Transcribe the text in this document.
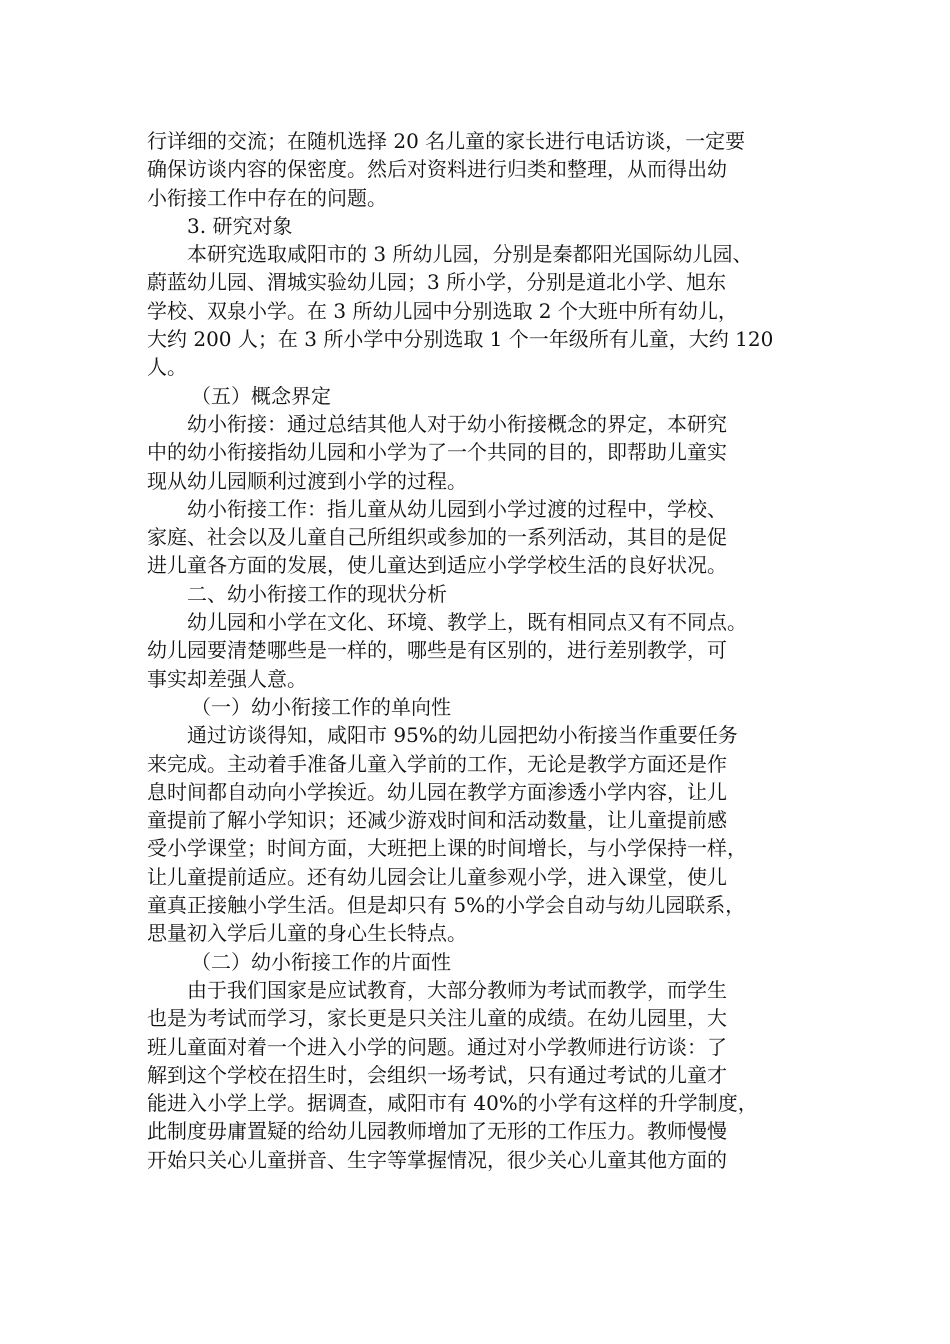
行详细的交流；在随机选择 20 名儿童的家长进行电话访谈，一定要
确保访谈内容的保密度。然后对资料进行归类和整理，从而得出幼
小衔接工作中存在的问题。
3. 研究对象
本研究选取咸阳市的 3 所幼儿园，分别是秦都阳光国际幼儿园、
蔚蓝幼儿园、渭城实验幼儿园；3 所小学，分别是道北小学、旭东
学校、双泉小学。在 3 所幼儿园中分别选取 2 个大班中所有幼儿，
大约 200 人；在 3 所小学中分别选取 1 个一年级所有儿童，大约 120
人。
（五）概念界定
幼小衔接：通过总结其他人对于幼小衔接概念的界定，本研究
中的幼小衔接指幼儿园和小学为了一个共同的目的，即帮助儿童实
现从幼儿园顺利过渡到小学的过程。
幼小衔接工作：指儿童从幼儿园到小学过渡的过程中，学校、
家庭、社会以及儿童自己所组织或参加的一系列活动，其目的是促
进儿童各方面的发展，使儿童达到适应小学学校生活的良好状况。
二、幼小衔接工作的现状分析
幼儿园和小学在文化、环境、教学上，既有相同点又有不同点。
幼儿园要清楚哪些是一样的，哪些是有区别的，进行差别教学，可
事实却差强人意。
（一）幼小衔接工作的单向性
通过访谈得知，咸阳市 95%的幼儿园把幼小衔接当作重要任务
来完成。主动着手准备儿童入学前的工作，无论是教学方面还是作
息时间都自动向小学挨近。幼儿园在教学方面渗透小学内容，让儿
童提前了解小学知识；还减少游戏时间和活动数量，让儿童提前感
受小学课堂；时间方面，大班把上课的时间增长，与小学保持一样，
让儿童提前适应。还有幼儿园会让儿童参观小学，进入课堂，使儿
童真正接触小学生活。但是却只有 5%的小学会自动与幼儿园联系，
思量初入学后儿童的身心生长特点。
（二）幼小衔接工作的片面性
由于我们国家是应试教育，大部分教师为考试而教学，而学生
也是为考试而学习，家长更是只关注儿童的成绩。在幼儿园里，大
班儿童面对着一个进入小学的问题。通过对小学教师进行访谈：了
解到这个学校在招生时，会组织一场考试，只有通过考试的儿童才
能进入小学上学。据调查，咸阳市有 40%的小学有这样的升学制度，
此制度毋庸置疑的给幼儿园教师增加了无形的工作压力。教师慢慢
开始只关心儿童拼音、生字等掌握情况，很少关心儿童其他方面的
